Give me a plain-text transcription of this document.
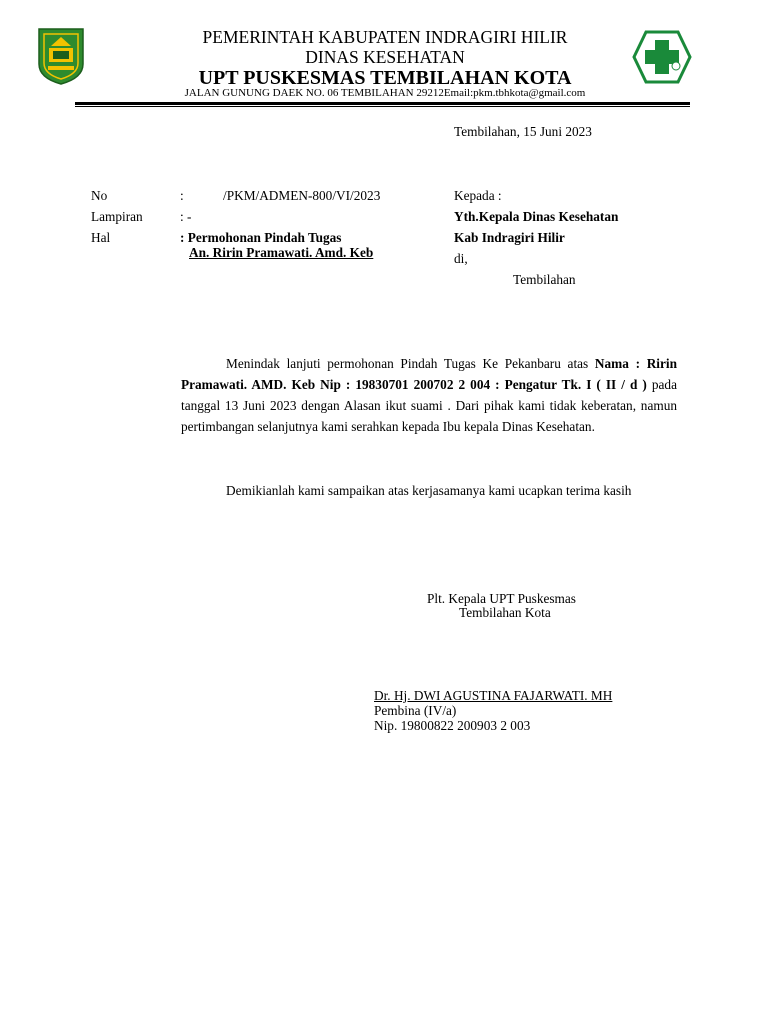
PEMERINTAH KABUPATEN INDRAGIRI HILIR
DINAS KESEHATAN
UPT PUSKESMAS TEMBILAHAN KOTA
JALAN GUNUNG DAEK NO. 06 TEMBILAHAN 29212Email:pkm.tbhkota@gmail.com
Tembilahan, 15 Juni 2023
No	:	/PKM/ADMEN-800/VI/2023
Lampiran	: -
Hal	: Permohonan Pindah Tugas
An. Ririn Pramawati. Amd. Keb
Kepada :
Yth.Kepala Dinas Kesehatan
Kab Indragiri Hilir
di,
Tembilahan
Menindak lanjuti permohonan Pindah Tugas Ke Pekanbaru atas Nama : Ririn Pramawati. AMD. Keb Nip : 19830701 200702 2 004 : Pengatur Tk. I ( II / d ) pada tanggal 13 Juni 2023 dengan Alasan ikut suami . Dari pihak kami tidak keberatan, namun pertimbangan selanjutnya kami serahkan kepada Ibu kepala Dinas Kesehatan.
Demikianlah kami sampaikan atas kerjasamanya kami ucapkan terima kasih
Plt. Kepala UPT Puskesmas
Tembilahan Kota
Dr. Hj. DWI AGUSTINA FAJARWATI. MH
Pembina (IV/a)
Nip. 19800822 200903 2 003
